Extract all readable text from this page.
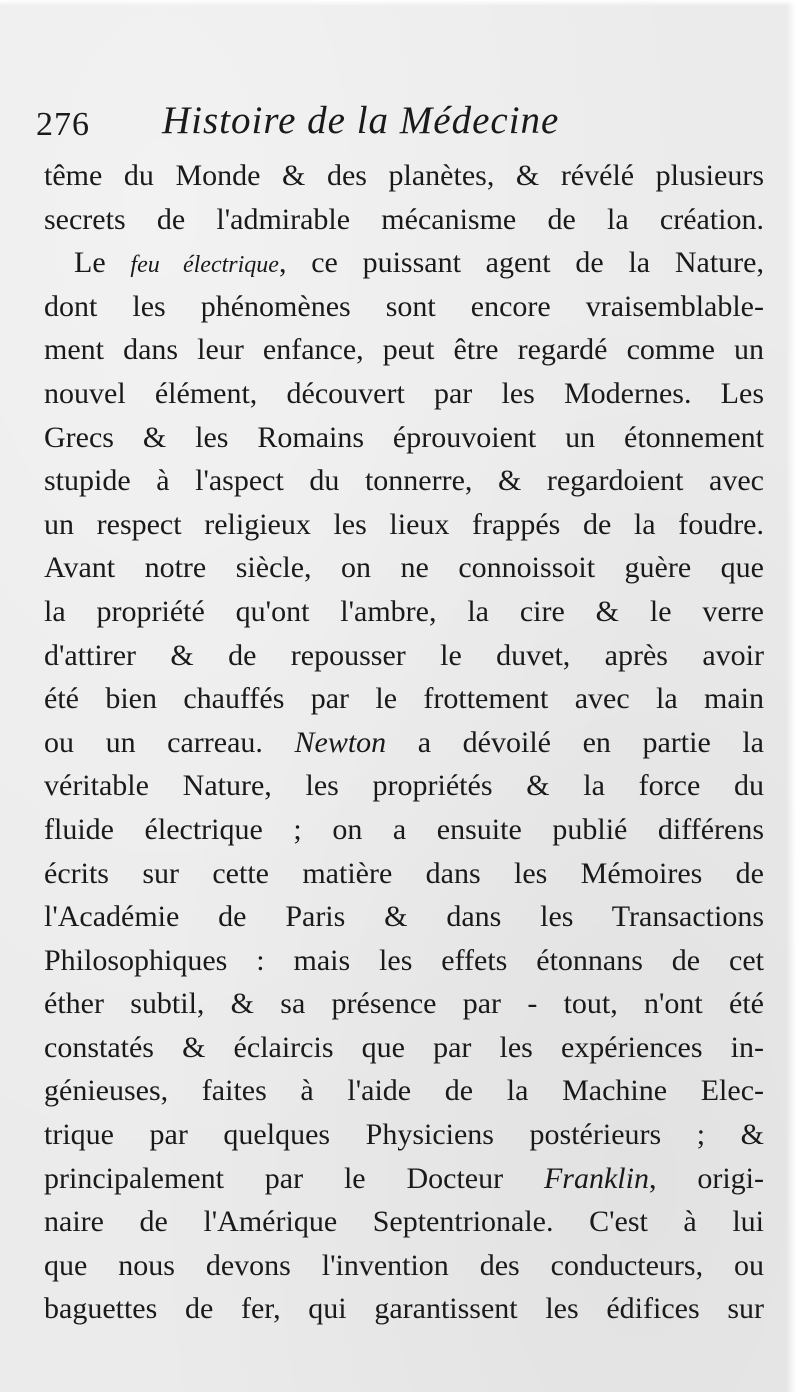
276 Histoire de la Médecine
tême du Monde & des planètes, & révélé plusieurs
secrets de l'admirable mécanisme de la création.
Le feu électrique, ce puissant agent de la Nature,
dont les phénomènes sont encore vraisemblable-
ment dans leur enfance, peut être regardé comme un
nouvel élément, découvert par les Modernes. Les
Grecs & les Romains éprouvoient un étonnement
stupide à l'aspect du tonnerre, & regardoient avec
un respect religieux les lieux frappés de la foudre.
Avant notre siècle, on ne connoissoit guère que
la propriété qu'ont l'ambre, la cire & le verre
d'attirer & de repousser le duvet, après avoir
été bien chauffés par le frottement avec la main
ou un carreau. Newton a dévoilé en partie la
véritable Nature, les propriétés & la force du
fluide électrique ; on a ensuite publié différens
écrits sur cette matière dans les Mémoires de
l'Académie de Paris & dans les Transactions
Philosophiques : mais les effets étonnans de cet
éther subtil, & sa présence par - tout, n'ont été
constatés & éclaircis que par les expériences in-
génieuses, faites à l'aide de la Machine Elec-
trique par quelques Physiciens postérieurs ; &
principalement par le Docteur Franklin, origi-
naire de l'Amérique Septentrionale. C'est à lui
que nous devons l'invention des conducteurs, ou
baguettes de fer, qui garantissent les édifices sur
